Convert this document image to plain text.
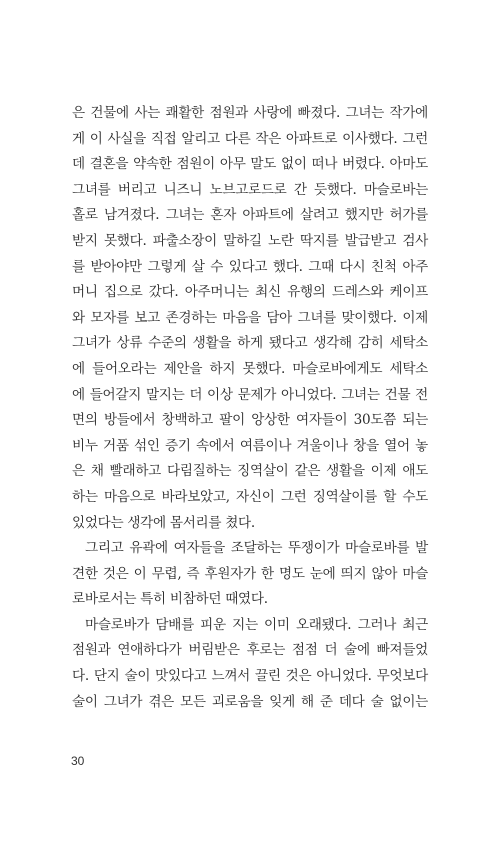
은 건물에 사는 쾌활한 점원과 사랑에 빠졌다. 그녀는 작가에
게 이 사실을 직접 알리고 다른 작은 아파트로 이사했다. 그런
데 결혼을 약속한 점원이 아무 말도 없이 떠나 버렸다. 아마도
그녀를 버리고 니즈니 노브고로드로 간 듯했다. 마슬로바는
홀로 남겨졌다. 그녀는 혼자 아파트에 살려고 했지만 허가를
받지 못했다. 파출소장이 말하길 노란 딱지를 발급받고 검사
를 받아야만 그렇게 살 수 있다고 했다. 그때 다시 친척 아주
머니 집으로 갔다. 아주머니는 최신 유행의 드레스와 케이프
와 모자를 보고 존경하는 마음을 담아 그녀를 맞이했다. 이제
그녀가 상류 수준의 생활을 하게 됐다고 생각해 감히 세탁소
에 들어오라는 제안을 하지 못했다. 마슬로바에게도 세탁소
에 들어갈지 말지는 더 이상 문제가 아니었다. 그녀는 건물 전
면의 방들에서 창백하고 팔이 앙상한 여자들이 30도쯤 되는
비누 거품 섞인 증기 속에서 여름이나 겨울이나 창을 열어 놓
은 채 빨래하고 다림질하는 징역살이 같은 생활을 이제 애도
하는 마음으로 바라보았고, 자신이 그런 징역살이를 할 수도
있었다는 생각에 몸서리를 쳤다.
그리고 유곽에 여자들을 조달하는 뚜쟁이가 마슬로바를 발
견한 것은 이 무렵, 즉 후원자가 한 명도 눈에 띄지 않아 마슬
로바로서는 특히 비참하던 때였다.
마슬로바가 담배를 피운 지는 이미 오래됐다. 그러나 최근
점원과 연애하다가 버림받은 후로는 점점 더 술에 빠져들었
다. 단지 술이 맛있다고 느껴서 끌린 것은 아니었다. 무엇보다
술이 그녀가 겪은 모든 괴로움을 잊게 해 준 데다 술 없이는
30
